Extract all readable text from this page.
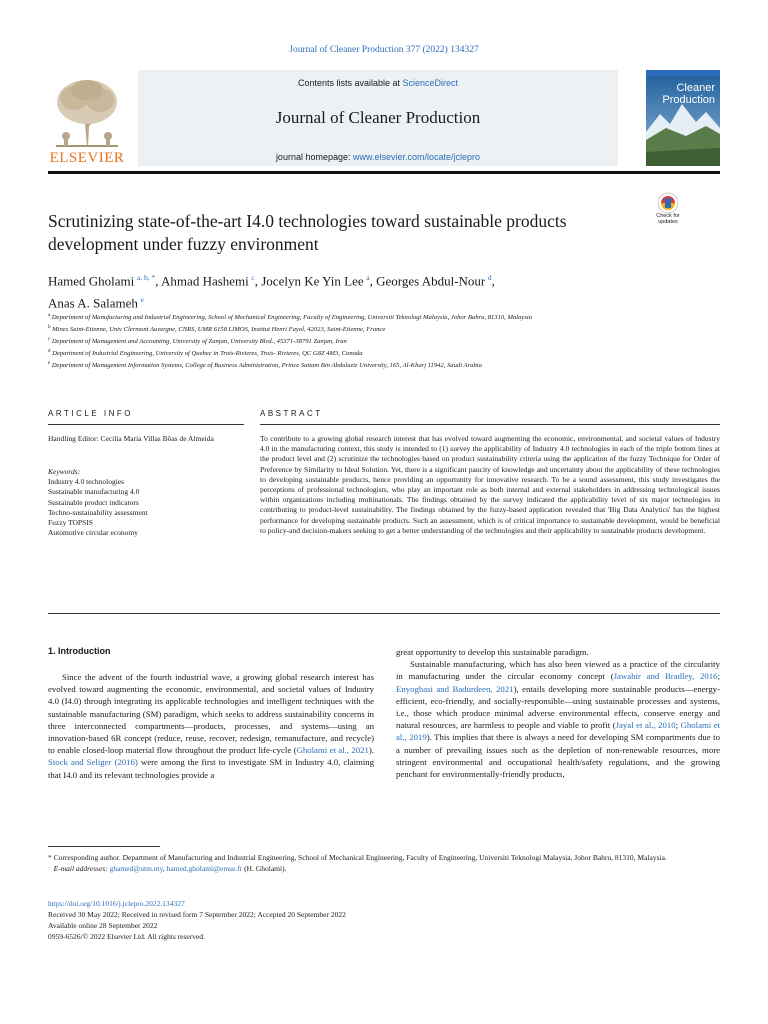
Journal of Cleaner Production 377 (2022) 134327
ELSEVIER
Contents lists available at ScienceDirect
Journal of Cleaner Production
journal homepage: www.elsevier.com/locate/jclepro
Cleaner
Production
Scrutinizing state-of-the-art I4.0 technologies toward sustainable products development under fuzzy environment
Check for
updates
Hamed Gholami  $^{a, b, *}$, Ahmad Hashemi  $^c$, Jocelyn Ke Yin Lee  $^a$, Georges Abdul-Nour  $^d$,
Anas A. Salameh  $^e$
$^a$ Department of Manufacturing and Industrial Engineering, School of Mechanical Engineering, Faculty of Engineering, Universiti Teknologi Malaysia, Johor Bahru, 81310, Malaysia
$^b$ Mines Saint-Etienne, Univ Clermont Auvergne, CNRS, UMR 6158 LIMOS, Institut Henri Fayol, 42023, Saint-Etienne, France
$^c$ Department of Management and Accounting, University of Zanjan, University Blvd., 45371-38791 Zanjan, Iran
$^d$ Department of Industrial Engineering, University of Quebec in Trois-Rivieres, Trois- Rivieres, QC G8Z 4M3, Canada
$^e$ Department of Management Information Systems, College of Business Administration, Prince Sattam Bin Abdulaziz University, 165, Al-Kharj 11942, Saudi Arabia
ARTICLE INFO	ABSTRACT
Handling Editor: Cecilia Maria Villas Bôas de Almeida
Keywords:
Industry 4.0 technologies
Sustainable manufacturing 4.0
Sustainable product indicators
Techno-sustainability assessment
Fuzzy TOPSIS
Automotive circular economy
To contribute to a growing global research interest that has evolved toward augmenting the economic, environmental, and societal values of Industry 4.0 in the manufacturing context, this study is intended to (1) survey the applicability of Industry 4.0 technologies in each of the triple bottom lines at the product level and (2) scrutinize the technologies based on product sustainability criteria using the application of the fuzzy Technique for Order of Preference by Similarity to Ideal Solution. Yet, there is a significant paucity of knowledge and uncertainty about the applicability of these technologies to developing sustainable products, hence providing an opportunity for innovative research. To be a sound assessment, this study investigates the perceptions of professional technologists, who play an important role as both internal and external stakeholders in addressing technological issues within organizations including multinationals. The findings obtained by the survey indicated the applicability level of six major technologies in contributing to product-level sustainability. The findings obtained by the fuzzy-based application revealed that 'Big Data Analytics' has the highest performance for developing sustainable products. Such an assessment, which is of critical importance to sustainable development, would be beneficial to policy-and decision-makers seeking to get a better understanding of the technologies and their applicability to sustainable products development.
1. Introduction

Since the advent of the fourth industrial wave, a growing global research interest has evolved toward augmenting the economic, environmental, and societal values of Industry 4.0 (I4.0) through integrating its applicable technologies and intelligent techniques with the sustainable manufacturing (SM) paradigm, which seeks to address sustainability concerns in three interconnected compartments—products, processes, and systems—using an innovation-based 6R concept (reduce, reuse, recover, redesign, remanufacture, and recycle) to enable closed-loop material flow throughout the product life-cycle (Gholami et al., 2021). Stock and Seliger (2016) were among the first to investigate SM in Industry 4.0, claiming that I4.0 and its relevant technologies provide a

great opportunity to develop this sustainable paradigm.

Sustainable manufacturing, which has also been viewed as a practice of the circularity in manufacturing under the circular economy concept (Jawahir and Bradley, 2016; Enyoghasi and Badurdeen, 2021), entails developing more sustainable products—energy-efficient, eco-friendly, and socially-responsible—using sustainable processes and systems, i.e., those which produce minimal adverse environmental effects, conserve energy and natural resources, are harmless to people and viable to profit (Jayal et al., 2010; Gholami et al., 2019). This implies that there is always a need for developing SM compartments due to a number of prevailing issues such as the depletion of non-renewable resources, more stringent environmental and occupational health/safety regulations, and the growing penchant for environmentally-friendly products,

* Corresponding author. Department of Manufacturing and Industrial Engineering, School of Mechanical Engineering, Faculty of Engineering, Universiti Teknologi Malaysia, Johor Bahru, 81310, Malaysia.
E-mail addresses: ghamed@utm.my, hamed.gholami@emse.fr (H. Gholami).
https://doi.org/10.1016/j.jclepro.2022.134327
Received 30 May 2022; Received in revised form 7 September 2022; Accepted 20 September 2022
Available online 28 September 2022
0959-6526/© 2022 Elsevier Ltd. All rights reserved.
